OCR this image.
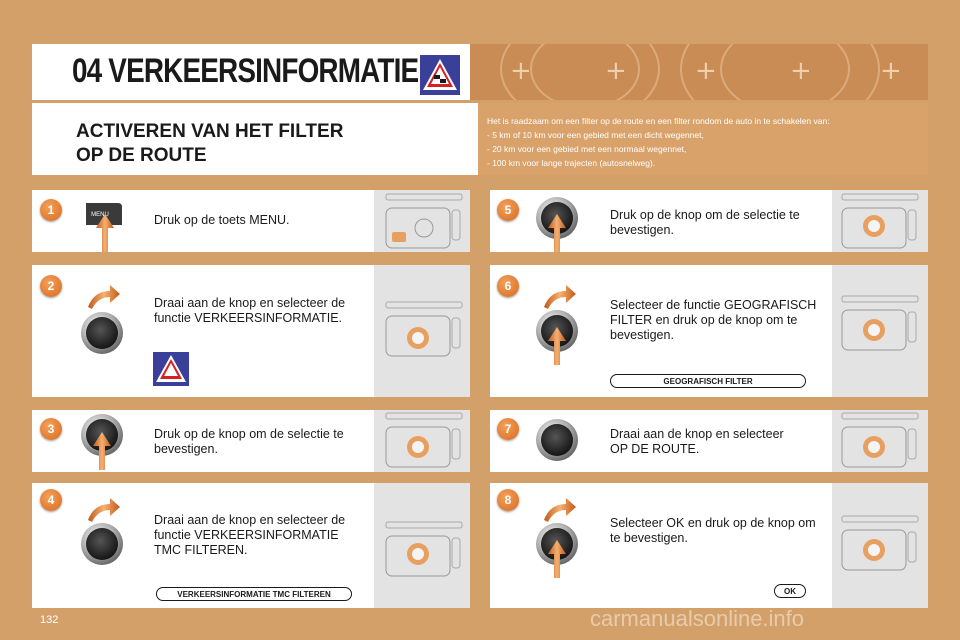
+	+	+	+	+
04 VERKEERSINFORMATIE
ACTIVEREN VAN HET FILTER
OP DE ROUTE
Het is raadzaam om een filter op de route en een filter rondom de auto in te schakelen van:
- 5 km of 10 km voor een gebied met een dicht wegennet,
- 20 km voor een gebied met een normaal wegennet,
- 100 km voor lange trajecten (autosnelweg).
1	MENU	Druk op de toets MENU.
2
Draai aan de knop en selecteer de
functie VERKEERSINFORMATIE.
3	Druk op de knop om de selectie te
bevestigen.
4
Draai aan de knop en selecteer de
functie VERKEERSINFORMATIE
TMC FILTEREN.
VERKEERSINFORMATIE TMC FILTEREN
5	Druk op de knop om de selectie te
bevestigen.
6
Selecteer de functie GEOGRAFISCH
FILTER en druk op de knop om te
bevestigen.
GEOGRAFISCH FILTER
7	Draai aan de knop en selecteer
OP DE ROUTE.
8
Selecteer OK en druk op de knop om
te bevestigen.
OK
132	carmanualsonline.info
